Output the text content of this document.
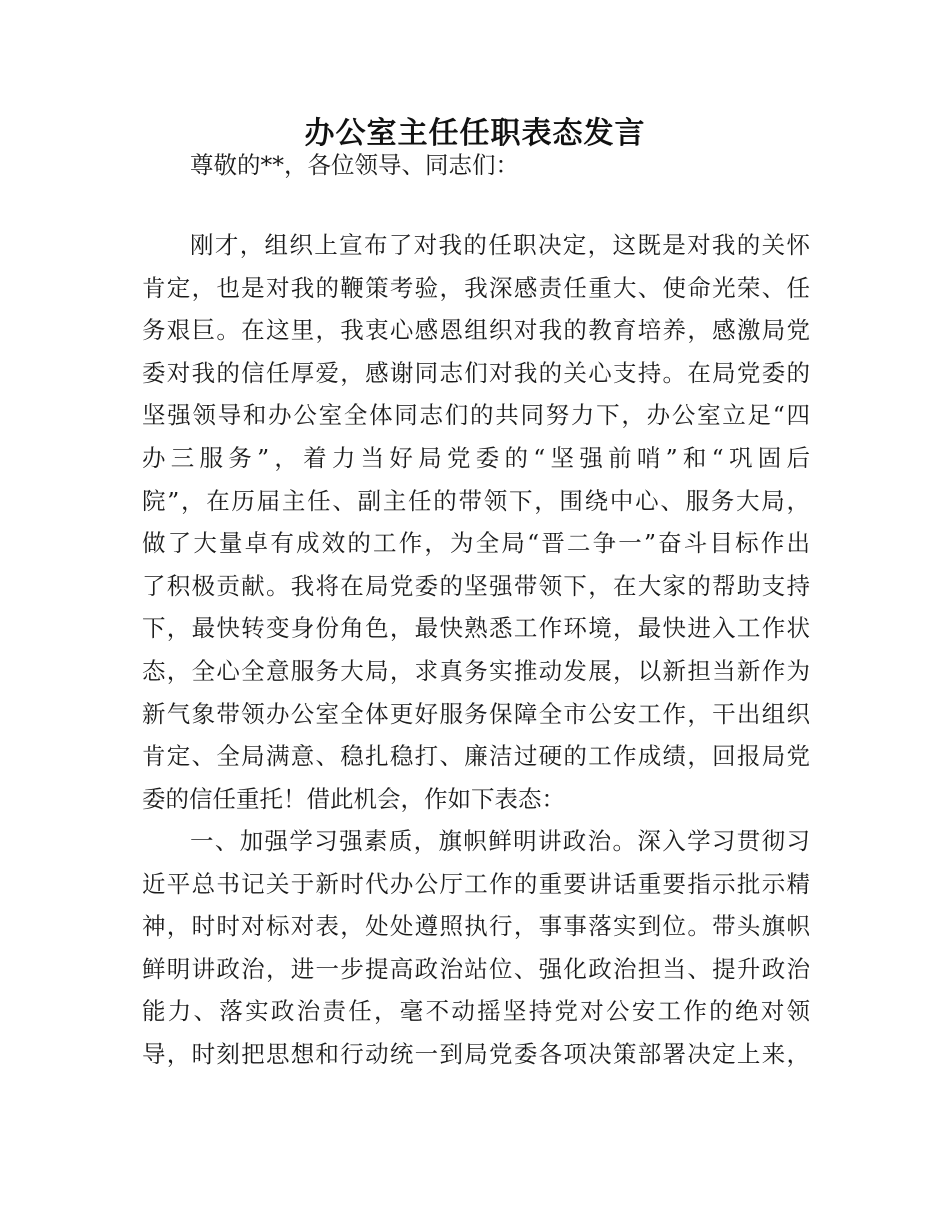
办公室主任任职表态发言
尊敬的**，各位领导、同志们：
刚才，组织上宣布了对我的任职决定，这既是对我的关怀
肯定，也是对我的鞭策考验，我深感责任重大、使命光荣、任
务艰巨。在这里，我衷心感恩组织对我的教育培养，感激局党
委对我的信任厚爱，感谢同志们对我的关心支持。在局党委的
坚强领导和办公室全体同志们的共同努力下，办公室立足“四
办三服务”，着力当好局党委的“坚强前哨”和“巩固后
院”，在历届主任、副主任的带领下，围绕中心、服务大局，
做了大量卓有成效的工作，为全局“晋二争一”奋斗目标作出
了积极贡献。我将在局党委的坚强带领下，在大家的帮助支持
下，最快转变身份角色，最快熟悉工作环境，最快进入工作状
态，全心全意服务大局，求真务实推动发展，以新担当新作为
新气象带领办公室全体更好服务保障全市公安工作，干出组织
肯定、全局满意、稳扎稳打、廉洁过硬的工作成绩，回报局党
委的信任重托！借此机会，作如下表态：
一、加强学习强素质，旗帜鲜明讲政治。深入学习贯彻习
近平总书记关于新时代办公厅工作的重要讲话重要指示批示精
神，时时对标对表，处处遵照执行，事事落实到位。带头旗帜
鲜明讲政治，进一步提高政治站位、强化政治担当、提升政治
能力、落实政治责任，毫不动摇坚持党对公安工作的绝对领
导，时刻把思想和行动统一到局党委各项决策部署决定上来，
